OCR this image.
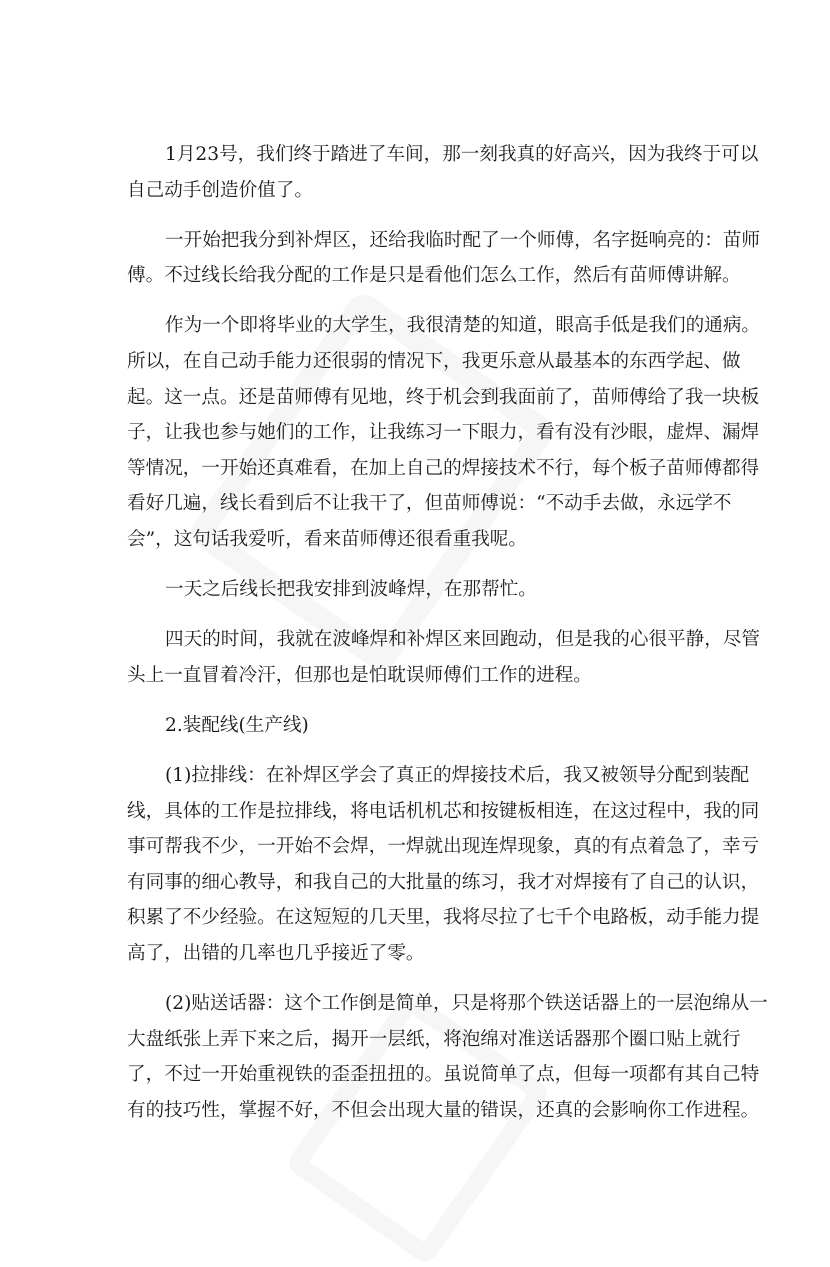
1月23号，我们终于踏进了车间，那一刻我真的好高兴，因为我终于可以
自己动手创造价值了。
一开始把我分到补焊区，还给我临时配了一个师傅，名字挺响亮的：苗师
傅。不过线长给我分配的工作是只是看他们怎么工作，然后有苗师傅讲解。
作为一个即将毕业的大学生，我很清楚的知道，眼高手低是我们的通病。
所以，在自己动手能力还很弱的情况下，我更乐意从最基本的东西学起、做
起。这一点。还是苗师傅有见地，终于机会到我面前了，苗师傅给了我一块板
子，让我也参与她们的工作，让我练习一下眼力，看有没有沙眼，虚焊、漏焊
等情况，一开始还真难看，在加上自己的焊接技术不行，每个板子苗师傅都得
看好几遍，线长看到后不让我干了，但苗师傅说：“不动手去做，永远学不
会”，这句话我爱听，看来苗师傅还很看重我呢。
一天之后线长把我安排到波峰焊，在那帮忙。
四天的时间，我就在波峰焊和补焊区来回跑动，但是我的心很平静，尽管
头上一直冒着冷汗，但那也是怕耽误师傅们工作的进程。
2.装配线(生产线)
(1)拉排线：在补焊区学会了真正的焊接技术后，我又被领导分配到装配
线，具体的工作是拉排线，将电话机机芯和按键板相连，在这过程中，我的同
事可帮我不少，一开始不会焊，一焊就出现连焊现象，真的有点着急了，幸亏
有同事的细心教导，和我自己的大批量的练习，我才对焊接有了自己的认识，
积累了不少经验。在这短短的几天里，我将尽拉了七千个电路板，动手能力提
高了，出错的几率也几乎接近了零。
(2)贴送话器：这个工作倒是简单，只是将那个铁送话器上的一层泡绵从一
大盘纸张上弄下来之后，揭开一层纸，将泡绵对准送话器那个圈口贴上就行
了，不过一开始重视铁的歪歪扭扭的。虽说简单了点，但每一项都有其自己特
有的技巧性，掌握不好，不但会出现大量的错误，还真的会影响你工作进程。
